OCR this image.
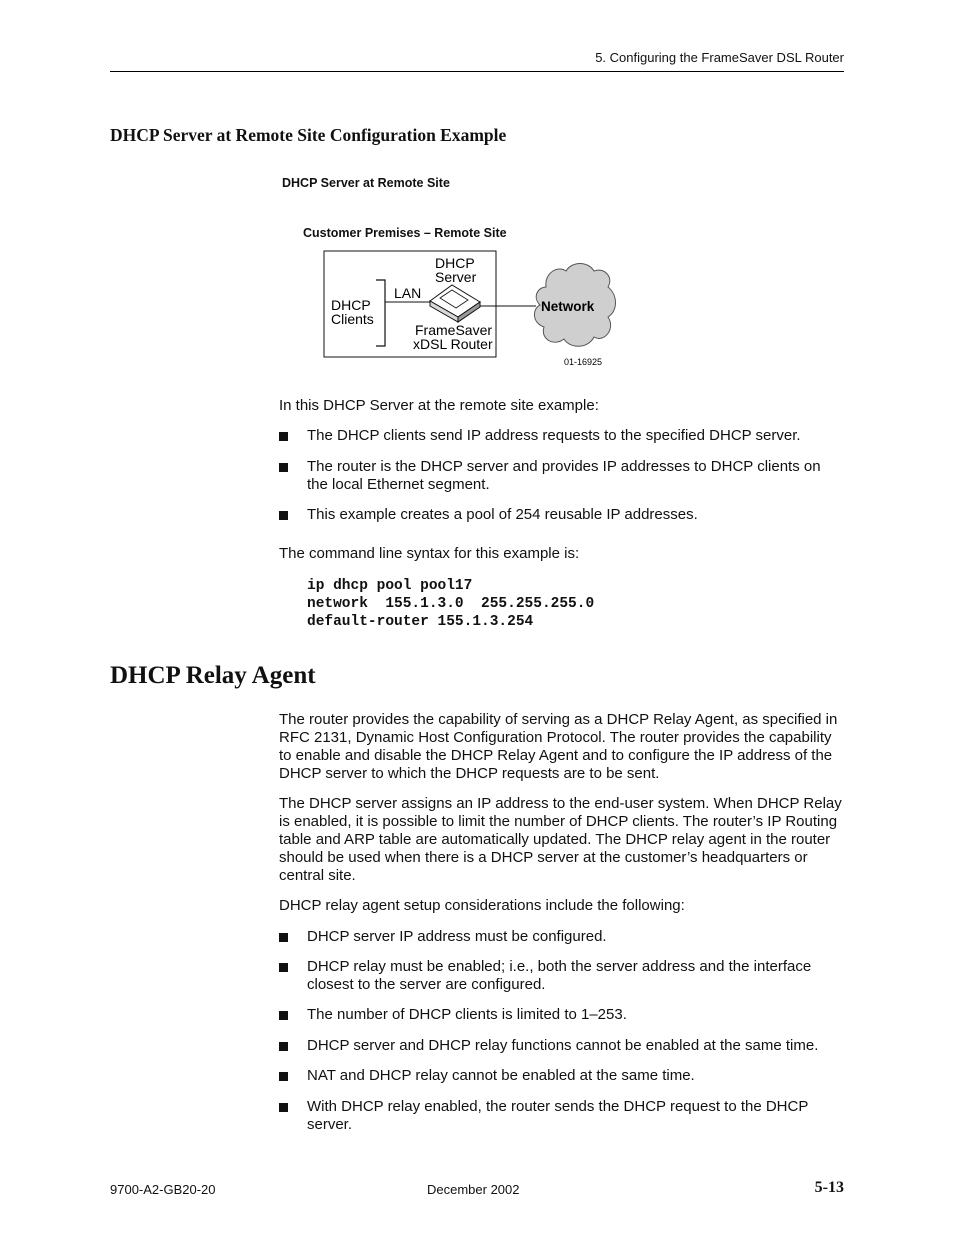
5. Configuring the FrameSaver DSL Router
DHCP Server at Remote Site Configuration Example
DHCP Server at Remote Site
Customer Premises – Remote Site
DHCP
Server
LAN
DHCP
Clients
FrameSaver
xDSL Router
Network
01-16925
In this DHCP Server at the remote site example:
The DHCP clients send IP address requests to the specified DHCP server.
The router is the DHCP server and provides IP addresses to DHCP clients on the local Ethernet segment.
This example creates a pool of 254 reusable IP addresses.
The command line syntax for this example is:
ip dhcp pool pool17
network  155.1.3.0  255.255.255.0
default-router 155.1.3.254
DHCP Relay Agent
The router provides the capability of serving as a DHCP Relay Agent, as specified in RFC 2131, Dynamic Host Configuration Protocol. The router provides the capability to enable and disable the DHCP Relay Agent and to configure the IP address of the DHCP server to which the DHCP requests are to be sent.
The DHCP server assigns an IP address to the end-user system. When DHCP Relay is enabled, it is possible to limit the number of DHCP clients. The router’s IP Routing table and ARP table are automatically updated. The DHCP relay agent in the router should be used when there is a DHCP server at the customer’s headquarters or central site.
DHCP relay agent setup considerations include the following:
DHCP server IP address must be configured.
DHCP relay must be enabled; i.e., both the server address and the interface closest to the server are configured.
The number of DHCP clients is limited to 1–253.
DHCP server and DHCP relay functions cannot be enabled at the same time.
NAT and DHCP relay cannot be enabled at the same time.
With DHCP relay enabled, the router sends the DHCP request to the DHCP server.
9700-A2-GB20-20	December 2002	5-13
